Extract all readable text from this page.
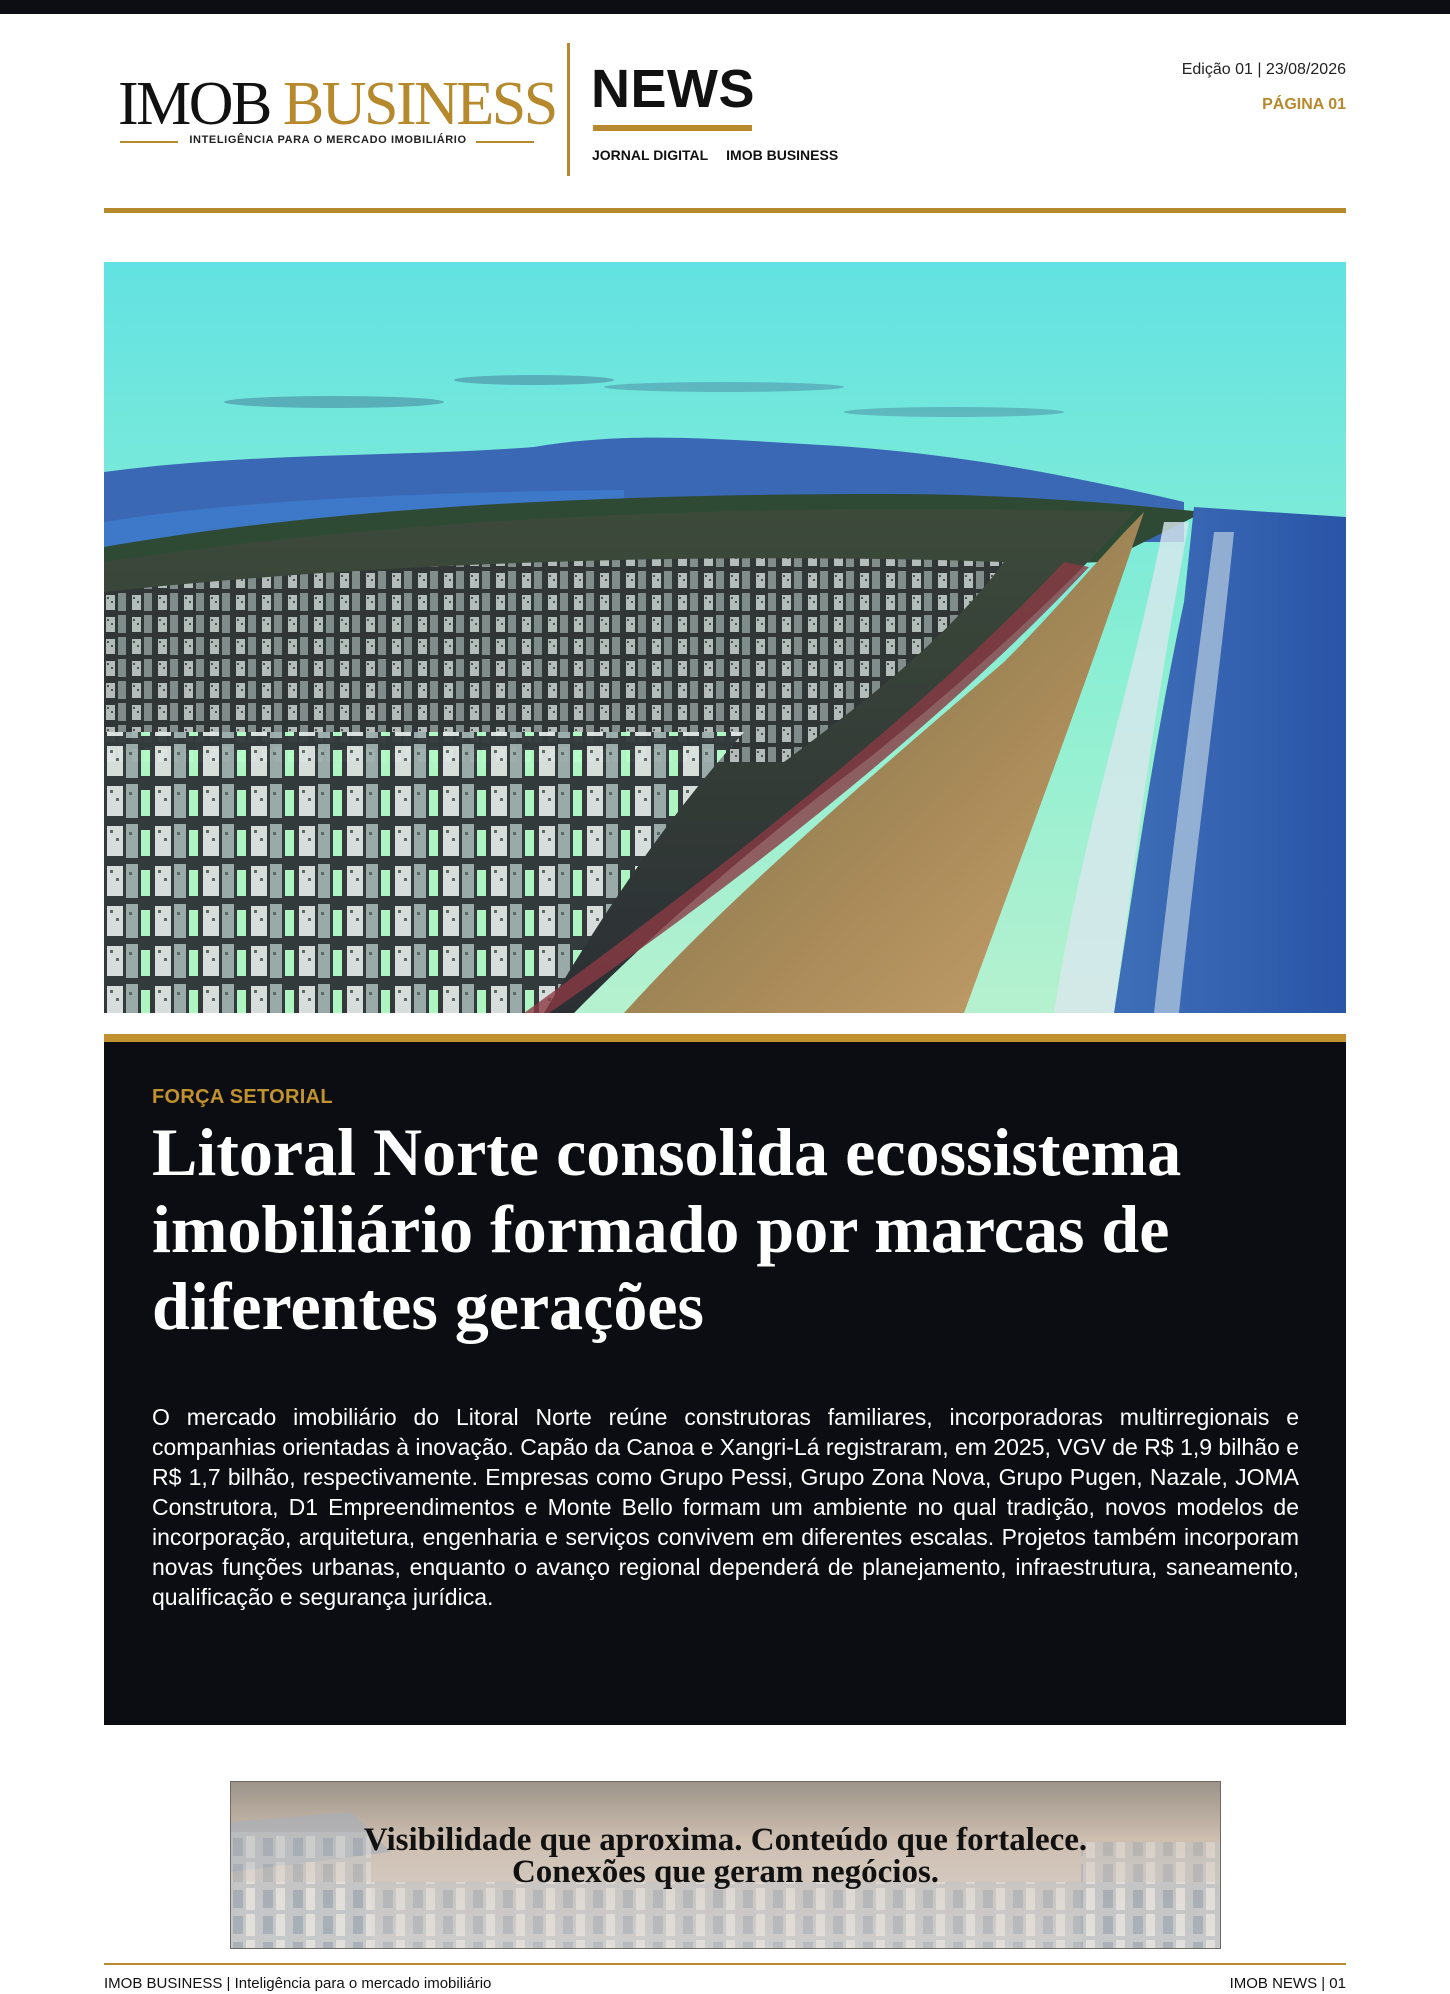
IMOB BUSINESS
INTELIGÊNCIA PARA O MERCADO IMOBILIÁRIO
NEWS
JORNAL DIGITAL IMOB BUSINESS
Edição 01 | 23/08/2026
PÁGINA 01
FORÇA SETORIAL
Litoral Norte consolida ecossistema imobiliário formado por marcas de diferentes gerações

O mercado imobiliário do Litoral Norte reúne construtoras familiares, incorporadoras multirregionais e companhias orientadas à inovação. Capão da Canoa e Xangri-Lá registraram, em 2025, VGV de R$ 1,9 bilhão e R$ 1,7 bilhão, respectivamente. Empresas como Grupo Pessi, Grupo Zona Nova, Grupo Pugen, Nazale, JOMA Construtora, D1 Empreendimentos e Monte Bello formam um ambiente no qual tradição, novos modelos de incorporação, arquitetura, engenharia e serviços convivem em diferentes escalas. Projetos também incorporam novas funções urbanas, enquanto o avanço regional dependerá de planejamento, infraestrutura, saneamento, qualificação e segurança jurídica.

Visibilidade que aproxima. Conteúdo que fortalece.
Conexões que geram negócios.
IMOB BUSINESS | Inteligência para o mercado imobiliário	IMOB NEWS | 01
